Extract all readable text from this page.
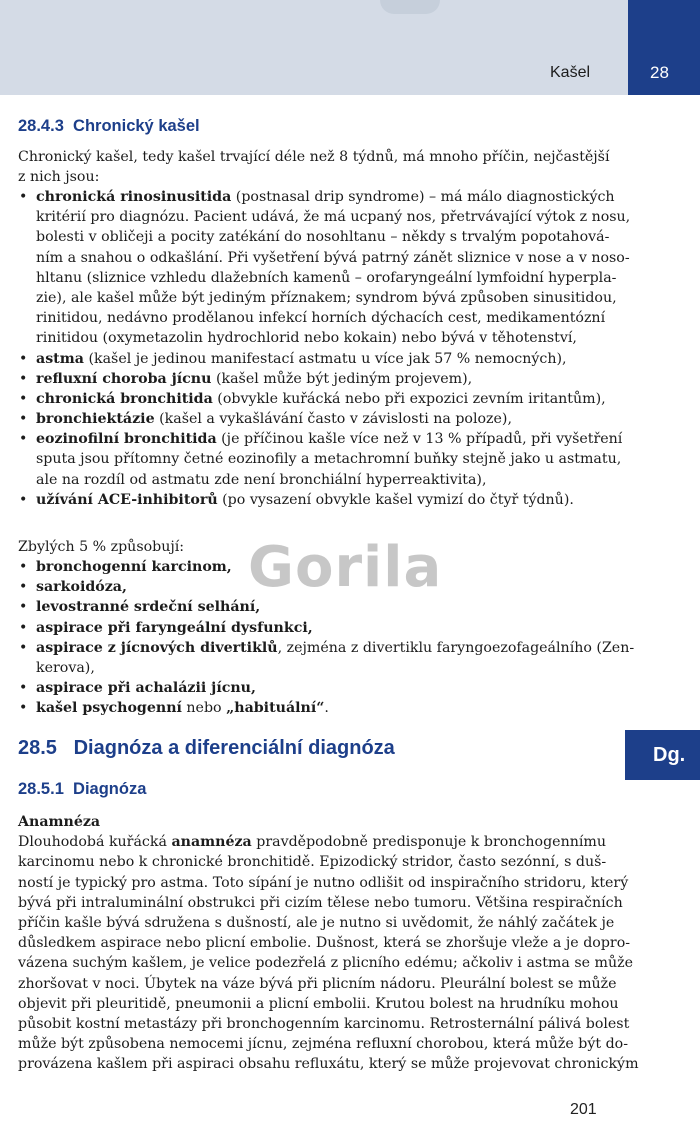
28
Kašel
28.4.3 Chronický kašel

Chronický kašel, tedy kašel trvající déle než 8 týdnů, má mnoho příčin, nejčastější
z nich jsou:

• chronická rinosinusitida (postnasal drip syndrome) – má málo diagnostických
kritérií pro diagnózu. Pacient udává, že má ucpaný nos, přetrvávající výtok z nosu,
bolesti v obličeji a pocity zatékání do nosohltanu – někdy s trvalým popotahová-
ním a snahou o odkašlání. Při vyšetření bývá patrný zánět sliznice v nose a v noso-
hltanu (sliznice vzhledu dlažebních kamenů – orofaryngeální lymfoidní hyperpla-
zie), ale kašel může být jediným příznakem; syndrom bývá způsoben sinusitidou,
rinitidou, nedávno prodělanou infekcí horních dýchacích cest, medikamentózní
rinitidou (oxymetazolin hydrochlorid nebo kokain) nebo bývá v těhotenství,
• astma (kašel je jedinou manifestací astmatu u více jak 57 % nemocných),
• refluxní choroba jícnu (kašel může být jediným projevem),
• chronická bronchitida (obvykle kuřácká nebo při expozici zevním iritantům),
• bronchiektázie (kašel a vykašlávání často v závislosti na poloze),
• eozinofilní bronchitida (je příčinou kašle více než v 13 % případů, při vyšetření
sputa jsou přítomny četné eozinofily a metachromní buňky stejně jako u astmatu,
ale na rozdíl od astmatu zde není bronchiální hyperreaktivita),
• užívání ACE-inhibitorů (po vysazení obvykle kašel vymizí do čtyř týdnů).

Zbylých 5 % způsobují:

• bronchogenní karcinom,
• sarkoidóza,
• levostranné srdeční selhání,
• aspirace při faryngeální dysfunkci,
• aspirace z jícnových divertiklů, zejména z divertiklu faryngoezofageálního (Zen-
kerova),
• aspirace při achalázii jícnu,
• kašel psychogenní nebo „habituální“.
Gorila
Dg.
28.5 Diagnóza a diferenciální diagnóza
28.5.1 Diagnóza

Anamnéza
Dlouhodobá kuřácká anamnéza pravděpodobně predisponuje k bronchogennímu
karcinomu nebo k chronické bronchitidě. Epizodický stridor, často sezónní, s duš-
ností je typický pro astma. Toto sípání je nutno odlišit od inspiračního stridoru, který
bývá při intraluminální obstrukci při cizím tělese nebo tumoru. Většina respiračních
příčin kašle bývá sdružena s dušností, ale je nutno si uvědomit, že náhlý začátek je
důsledkem aspirace nebo plicní embolie. Dušnost, která se zhoršuje vleže a je dopro-
vázena suchým kašlem, je velice podezřelá z plicního edému; ačkoliv i astma se může
zhoršovat v noci. Úbytek na váze bývá při plicním nádoru. Pleurální bolest se může
objevit při pleuritidě, pneumonii a plicní embolii. Krutou bolest na hrudníku mohou
působit kostní metastázy při bronchogenním karcinomu. Retrosternální pálivá bolest
může být způsobena nemocemi jícnu, zejména refluxní chorobou, která může být do-
provázena kašlem při aspiraci obsahu refluxátu, který se může projevovat chronickým

201
